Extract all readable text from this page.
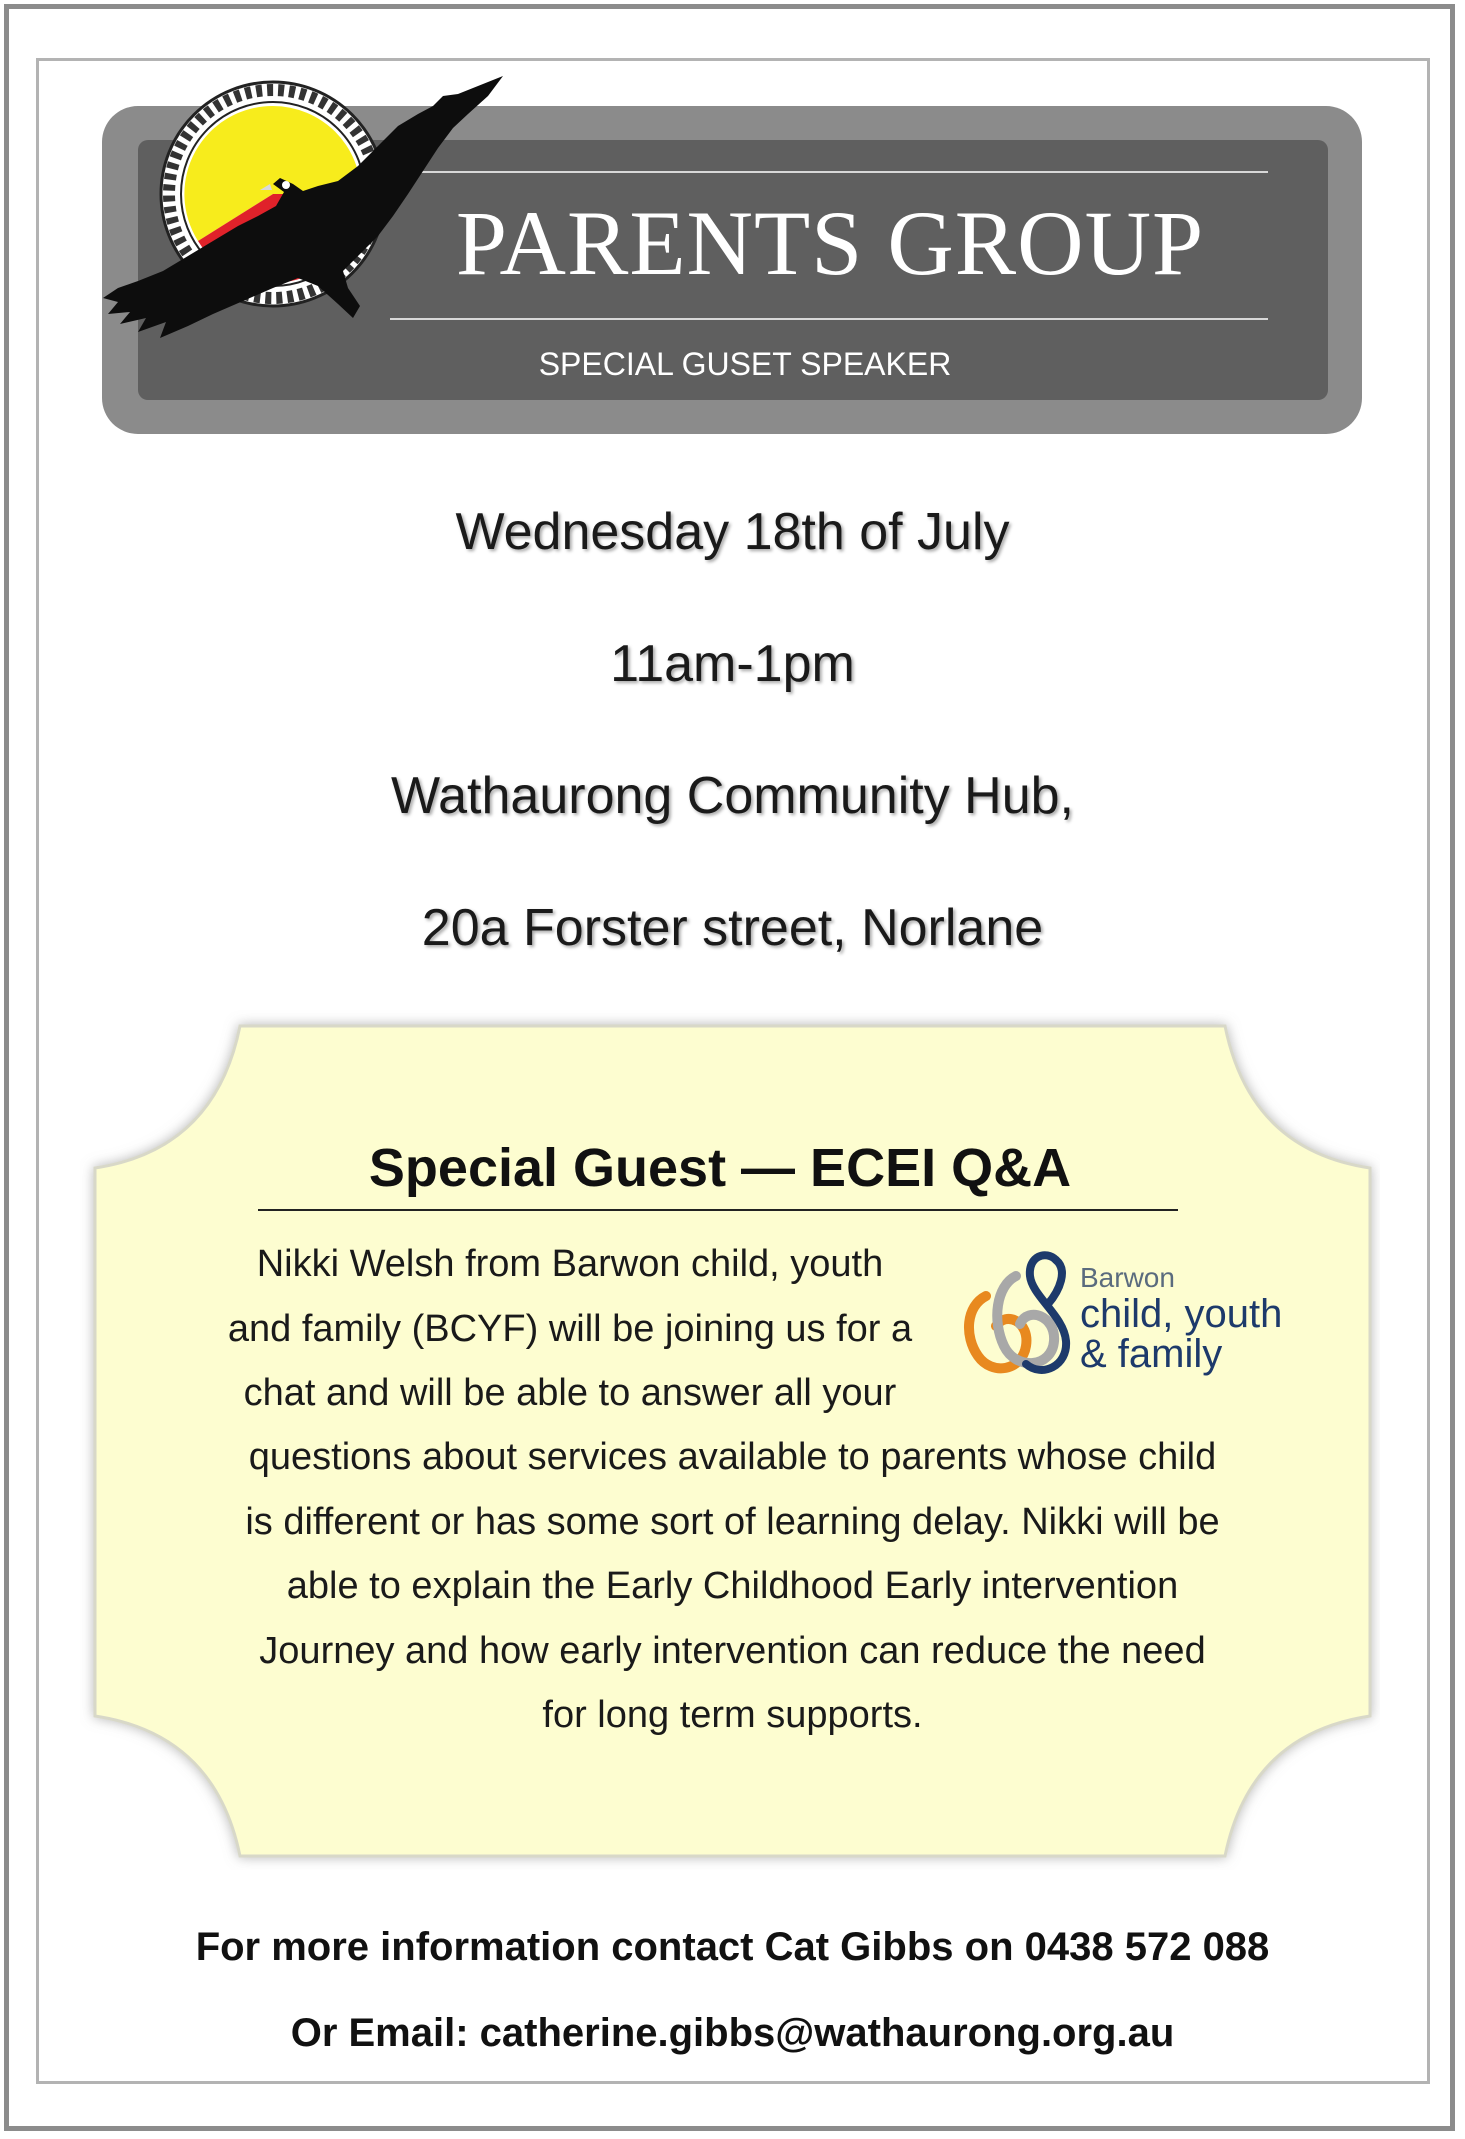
PARENTS GROUP
SPECIAL GUSET SPEAKER
Wednesday 18th of July
11am-1pm
Wathaurong Community Hub,
20a Forster street, Norlane
Special Guest — ECEI Q&A
Nikki Welsh from Barwon child, youth
and family (BCYF) will be joining us for a
chat and will be able to answer all your
questions about services available to parents whose child
is different or has some sort of learning delay. Nikki will be
able to explain the Early Childhood Early intervention
Journey and how early intervention can reduce the need
for long term supports.
Barwon
child, youth
& family
For more information contact Cat Gibbs on 0438 572 088
Or Email: catherine.gibbs@wathaurong.org.au
